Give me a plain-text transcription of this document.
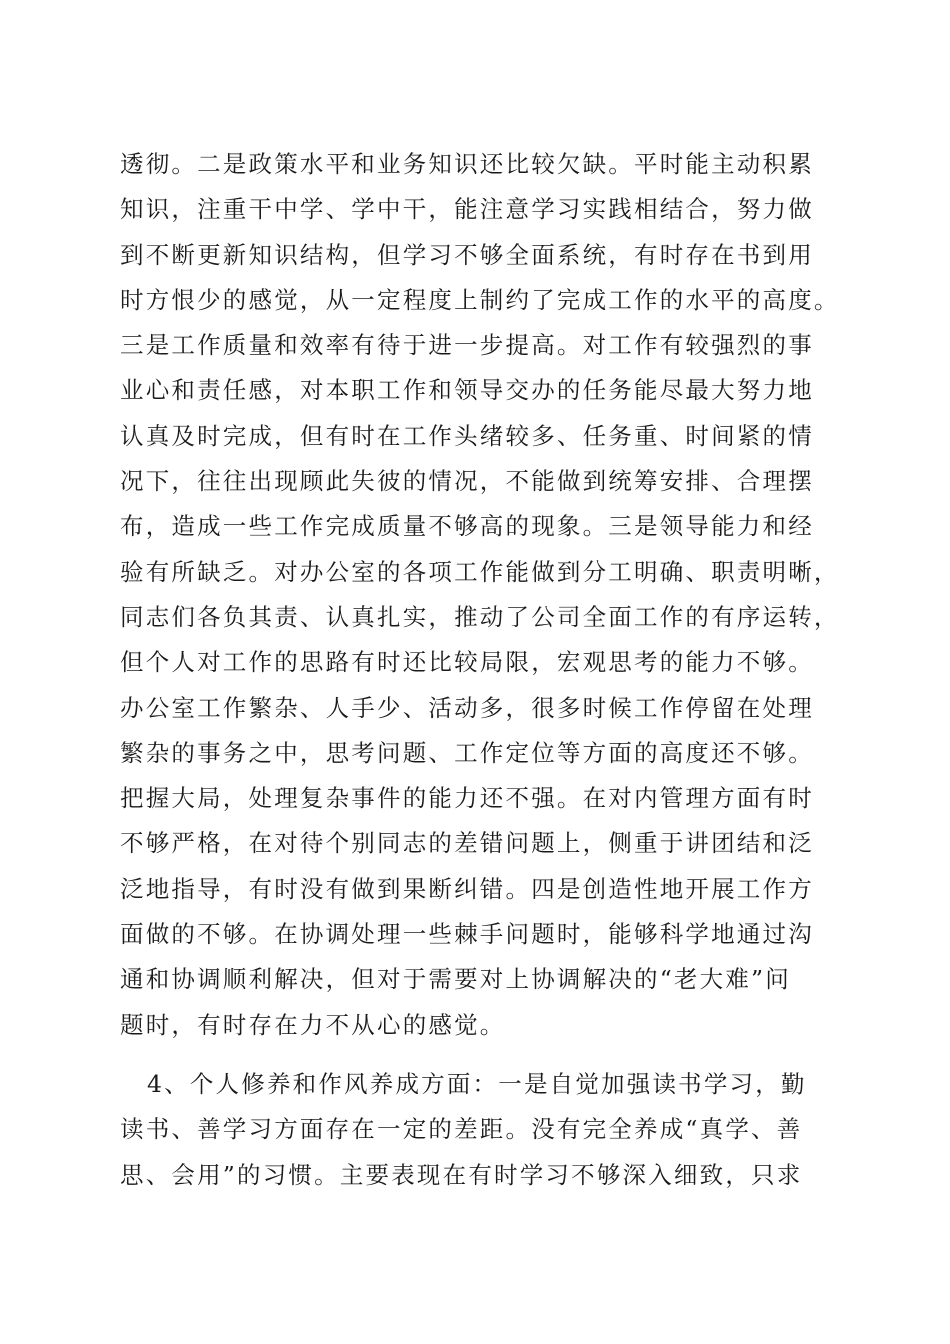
透彻。二是政策水平和业务知识还比较欠缺。平时能主动积累
知识，注重干中学、学中干，能注意学习实践相结合，努力做
到不断更新知识结构，但学习不够全面系统，有时存在书到用
时方恨少的感觉，从一定程度上制约了完成工作的水平的高度。
三是工作质量和效率有待于进一步提高。对工作有较强烈的事
业心和责任感，对本职工作和领导交办的任务能尽最大努力地
认真及时完成，但有时在工作头绪较多、任务重、时间紧的情
况下，往往出现顾此失彼的情况，不能做到统筹安排、合理摆
布，造成一些工作完成质量不够高的现象。三是领导能力和经
验有所缺乏。对办公室的各项工作能做到分工明确、职责明晰，
同志们各负其责、认真扎实，推动了公司全面工作的有序运转，
但个人对工作的思路有时还比较局限，宏观思考的能力不够。
办公室工作繁杂、人手少、活动多，很多时候工作停留在处理
繁杂的事务之中，思考问题、工作定位等方面的高度还不够。
把握大局，处理复杂事件的能力还不强。在对内管理方面有时
不够严格，在对待个别同志的差错问题上，侧重于讲团结和泛
泛地指导，有时没有做到果断纠错。四是创造性地开展工作方
面做的不够。在协调处理一些棘手问题时，能够科学地通过沟
通和协调顺利解决，但对于需要对上协调解决的“老大难”问
题时，有时存在力不从心的感觉。
4、个人修养和作风养成方面：一是自觉加强读书学习，勤
读书、善学习方面存在一定的差距。没有完全养成“真学、善
思、会用”的习惯。主要表现在有时学习不够深入细致，只求
